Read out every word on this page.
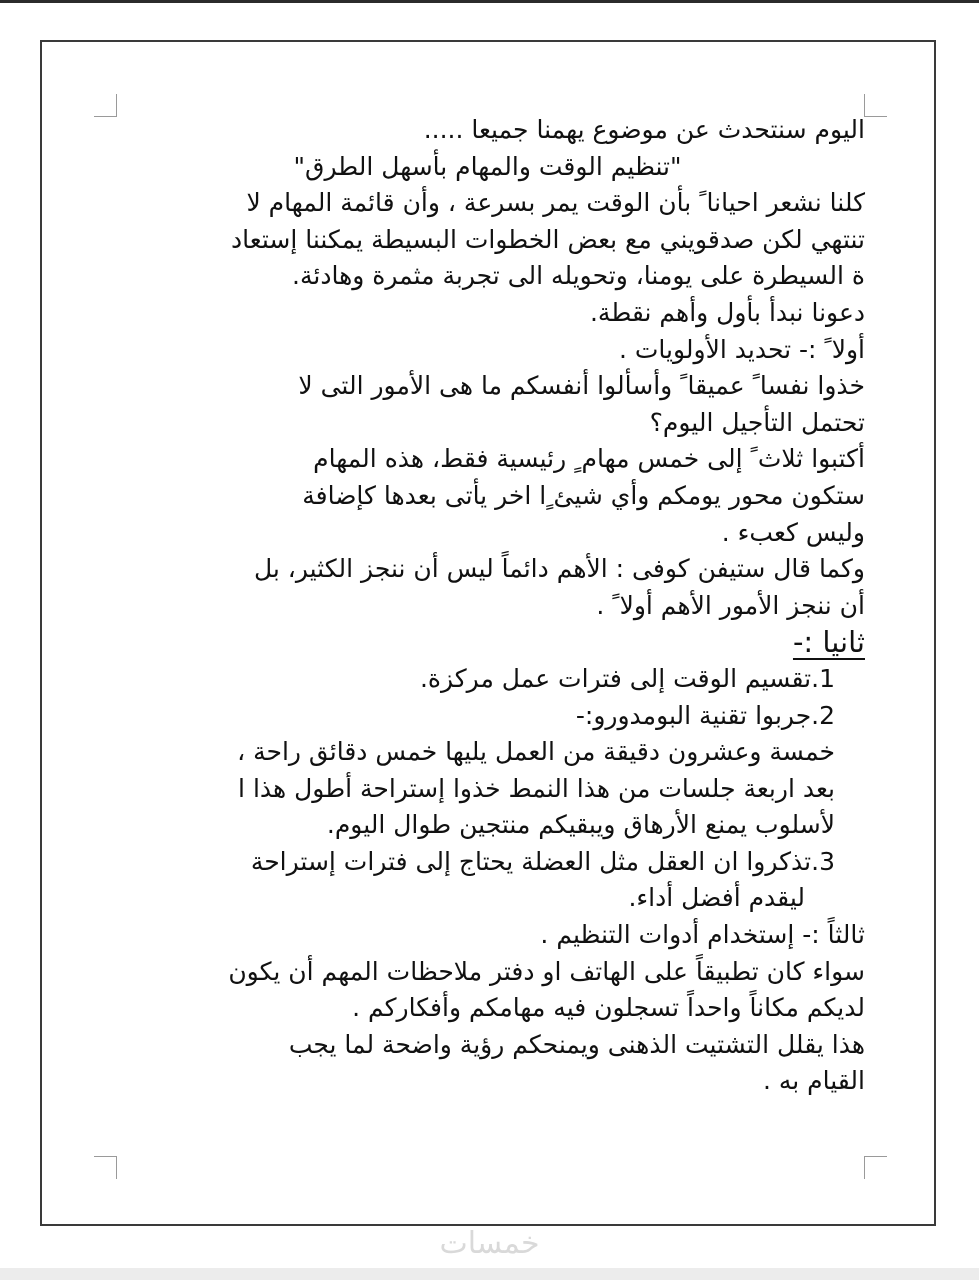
اليوم سنتحدث عن موضوع يهمنا جميعا .....
"تنظيم الوقت والمهام بأسهل الطرق"
كلنا نشعر احيانا ً بأن الوقت يمر بسرعة ، وأن قائمة المهام لا
تنتهي لكن صدقويني مع بعض الخطوات البسيطة يمكننا إستعاد
ة السيطرة على يومنا، وتحويله الى تجربة مثمرة وهادئة.
دعونا نبدأ بأول وأهم نقطة.
أولا ً :- تحديد الأولويات .
خذوا نفسا ً عميقا ً وأسألوا أنفسكم ما هى الأمور التى لا
تحتمل التأجيل اليوم؟
أكتبوا ثلاث ً إلى خمس مهام ٍ رئيسية فقط، هذه المهام
ستكون محور يومكم وأي شيئ ٍا اخر يأتى بعدها كإضافة
وليس كعبء .
وكما قال ستيفن كوفى : الأهم دائماً ليس أن ننجز الكثير، بل
أن ننجز الأمور الأهم أولا ً .
ثانيا :-
1.تقسيم الوقت إلى فترات عمل مركزة.
2.جربوا تقنية البومدورو:-
خمسة وعشرون دقيقة من العمل يليها خمس دقائق راحة ،
بعد اربعة جلسات من هذا النمط خذوا إستراحة أطول هذا ا
لأسلوب يمنع الأرهاق ويبقيكم منتجين طوال اليوم.
3.تذكروا ان العقل مثل العضلة يحتاج إلى فترات إستراحة
ليقدم أفضل أداء.
ثالثاً :- إستخدام أدوات التنظيم .
سواء كان تطبيقاً على الهاتف او دفتر ملاحظات المهم أن يكون
لديكم مكاناً واحداً تسجلون فيه مهامكم وأفكاركم .
هذا يقلل التشتيت الذهنى ويمنحكم رؤية واضحة لما يجب
القيام به .
خمسات
